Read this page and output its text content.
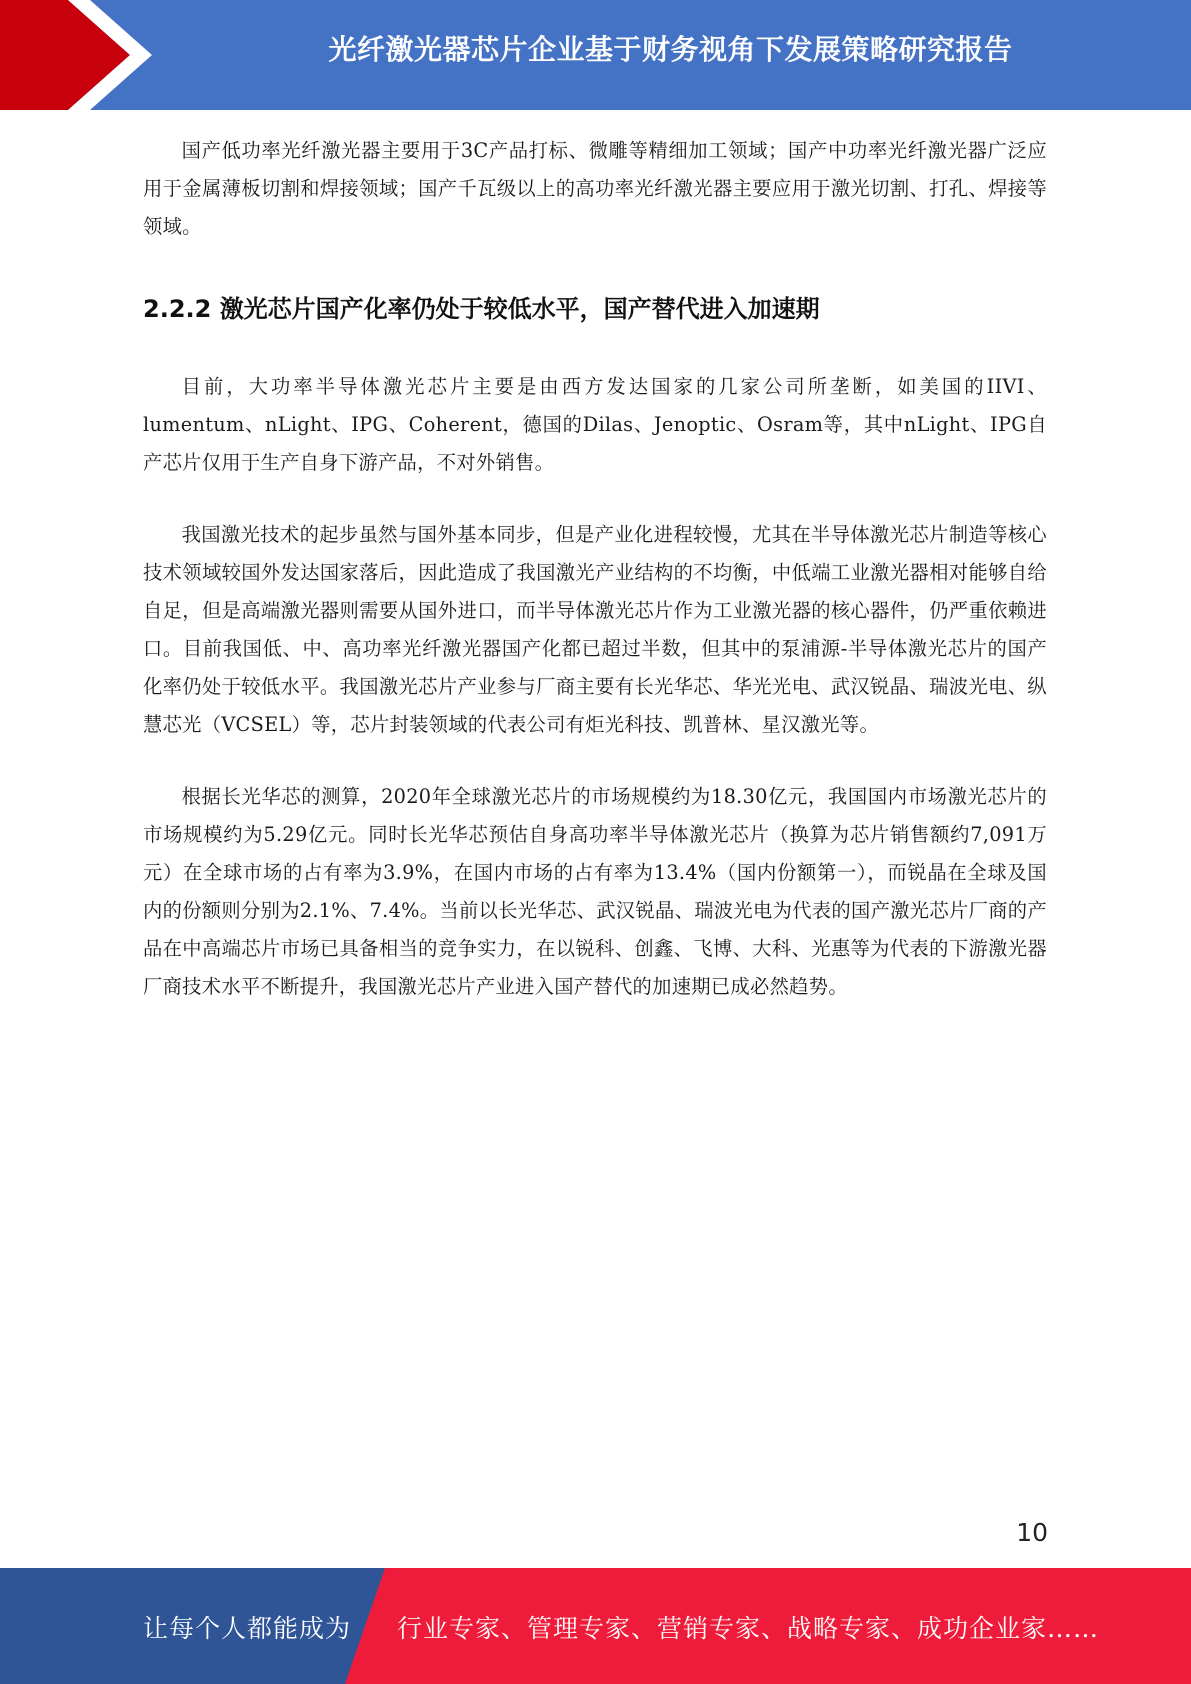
光纤激光器芯片企业基于财务视角下发展策略研究报告

国产低功率光纤激光器主要用于3C产品打标、微雕等精细加工领域；国产中功率光纤激光器广泛应用于金属薄板切割和焊接领域；国产千瓦级以上的高功率光纤激光器主要应用于激光切割、打孔、焊接等领域。

2.2.2 激光芯片国产化率仍处于较低水平，国产替代进入加速期

目前，大功率半导体激光芯片主要是由西方发达国家的几家公司所垄断，如美国的IIVI、lumentum、nLight、IPG、Coherent，德国的Dilas、Jenoptic、Osram等，其中nLight、IPG自产芯片仅用于生产自身下游产品，不对外销售。

我国激光技术的起步虽然与国外基本同步，但是产业化进程较慢，尤其在半导体激光芯片制造等核心技术领域较国外发达国家落后，因此造成了我国激光产业结构的不均衡，中低端工业激光器相对能够自给自足，但是高端激光器则需要从国外进口，而半导体激光芯片作为工业激光器的核心器件，仍严重依赖进口。目前我国低、中、高功率光纤激光器国产化都已超过半数，但其中的泵浦源-半导体激光芯片的国产化率仍处于较低水平。我国激光芯片产业参与厂商主要有长光华芯、华光光电、武汉锐晶、瑞波光电、纵慧芯光（VCSEL）等，芯片封装领域的代表公司有炬光科技、凯普林、星汉激光等。

根据长光华芯的测算，2020年全球激光芯片的市场规模约为18.30亿元，我国国内市场激光芯片的市场规模约为5.29亿元。同时长光华芯预估自身高功率半导体激光芯片（换算为芯片销售额约7,091万元）在全球市场的占有率为3.9%，在国内市场的占有率为13.4%（国内份额第一），而锐晶在全球及国内的份额则分别为2.1%、7.4%。当前以长光华芯、武汉锐晶、瑞波光电为代表的国产激光芯片厂商的产品在中高端芯片市场已具备相当的竞争实力，在以锐科、创鑫、飞博、大科、光惠等为代表的下游激光器厂商技术水平不断提升，我国激光芯片产业进入国产替代的加速期已成必然趋势。

10
让每个人都能成为 行业专家、管理专家、营销专家、战略专家、成功企业家……
